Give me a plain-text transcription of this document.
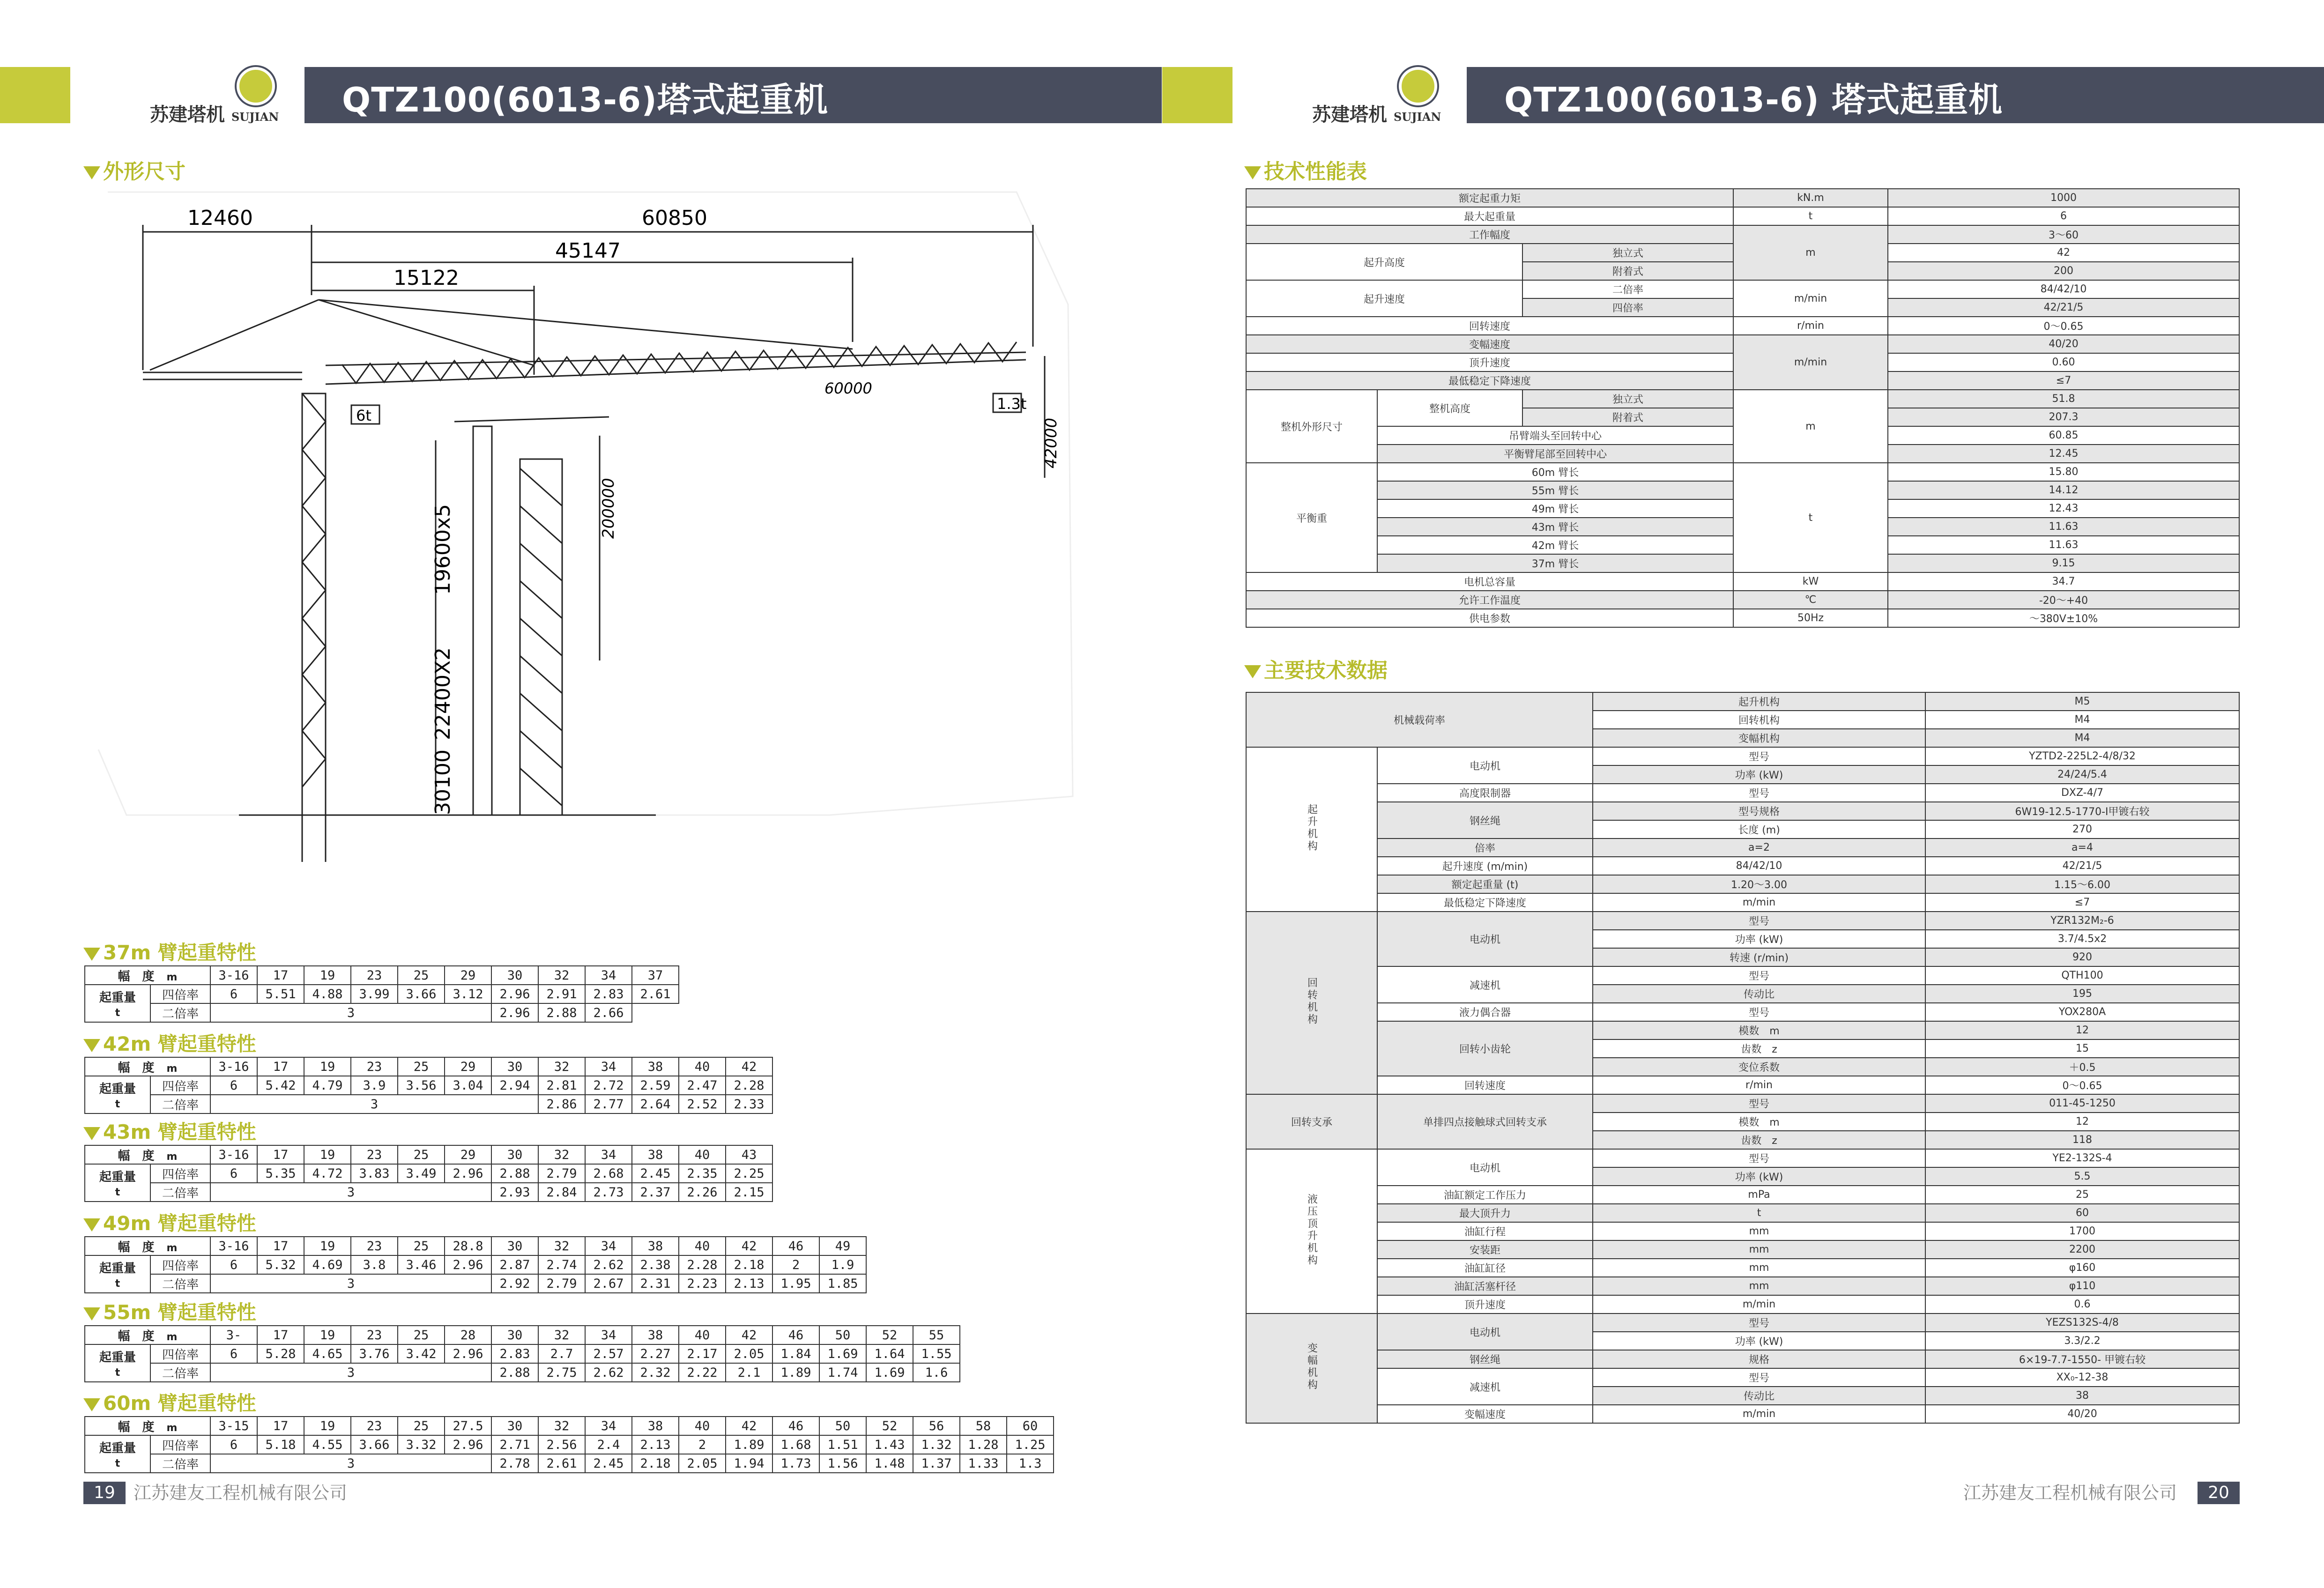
苏建塔机 SUJIAN QTZ100(6013-6)塔式起重机
外形尺寸
12460	60850
45147
15122
60000
6t
1.3t
42000
200000
19600x5
22400X2
30100
37m 臂起重特性
幅　度　 m		3-16	17	19	23	25	29	30	32	34	37
起重量
t	四倍率	6	5.51	4.88	3.99	3.66	3.12	2.96	2.91	2.83	2.61
	二倍率	3						2.96	2.88	2.66	
42m 臂起重特性
幅　度　 m		3-16	17	19	23	25	29	30	32	34	38	40	42
起重量
t	四倍率	6	5.42	4.79	3.9	3.56	3.04	2.94	2.81	2.72	2.59	2.47	2.28
	二倍率	3							2.86	2.77	2.64	2.52	2.33
43m 臂起重特性
幅　度　 m		3-16	17	19	23	25	29	30	32	34	38	40	43
起重量
t	四倍率	6	5.35	4.72	3.83	3.49	2.96	2.88	2.79	2.68	2.45	2.35	2.25
	二倍率	3						2.93	2.84	2.73	2.37	2.26	2.15
49m 臂起重特性
幅　度　 m		3-16	17	19	23	25	28.8	30	32	34	38	40	42	46	49
起重量
t	四倍率	6	5.32	4.69	3.8	3.46	2.96	2.87	2.74	2.62	2.38	2.28	2.18	2	1.9
	二倍率	3						2.92	2.79	2.67	2.31	2.23	2.13	1.95	1.85
55m 臂起重特性
幅　度　 m		3-	17	19	23	25	28	30	32	34	38	40	42	46	50	52	55
起重量
t	四倍率	6	5.28	4.65	3.76	3.42	2.96	2.83	2.7	2.57	2.27	2.17	2.05	1.84	1.69	1.64	1.55
	二倍率	3						2.88	2.75	2.62	2.32	2.22	2.1	1.89	1.74	1.69	1.6
60m 臂起重特性
幅　度　 m		3-15	17	19	23	25	27.5	30	32	34	38	40	42	46	50	52	56	58	60
起重量
t	四倍率	6	5.18	4.55	3.66	3.32	2.96	2.71	2.56	2.4	2.13	2	1.89	1.68	1.51	1.43	1.32	1.28	1.25
	二倍率	3						2.78	2.61	2.45	2.18	2.05	1.94	1.73	1.56	1.48	1.37	1.33	1.3
19	江苏建友工程机械有限公司
苏建塔机 SUJIAN QTZ100(6013-6) 塔式起重机
技术性能表
额定起重力矩			kN.m	1000
最大起重量			t	6
工作幅度			m	3～60
起升高度		独立式		42
		附着式		200
起升速度		二倍率	m/min	84/42/10
		四倍率		42/21/5
回转速度			r/min	0～0.65
变幅速度			m/min	40/20
顶升速度				0.60
最低稳定下降速度				≤7
整机外形尺寸	整机高度	独立式	m	51.8
		附着式		207.3
	吊臂端头至回转中心			60.85
	平衡臂尾部至回转中心			12.45
平衡重	60m 臂长		t	15.80
	55m 臂长			14.12
	49m 臂长			12.43
	43m 臂长			11.63
	42m 臂长			11.63
	37m 臂长			9.15
电机总容量			kW	34.7
允许工作温度			℃	-20～+40
供电参数			50Hz	～380V±10%
主要技术数据
机械载荷率		起升机构	M5
		回转机构	M4
		变幅机构	M4
起升机构	电动机	型号	YZTD2-225L2-4/8/32
		功率 (kW)	24/24/5.4
	高度限制器	型号	DXZ-4/7
	钢丝绳	型号规格	6W19-12.5-1770-Ⅰ甲镀右较
		长度 (m)	270
	倍率	a=2	a=4
	起升速度 (m/min)	84/42/10	42/21/5
	额定起重量 (t)	1.20～3.00	1.15～6.00
	最低稳定下降速度	m/min	≤7
回转机构	电动机	型号	YZR132M₂-6
		功率 (kW)	3.7/4.5x2
		转速 (r/min)	920
	减速机	型号	QTH100
		传动比	195
	液力偶合器	型号	YOX280A
	回转小齿轮	模数　m	12
		齿数　z	15
		变位系数	＋0.5
	回转速度	r/min	0～0.65
回转支承	单排四点接触球式回转支承	型号	011-45-1250
		模数　m	12
		齿数　z	118
液压顶升机构	电动机	型号	YE2-132S-4
		功率 (kW)	5.5
	油缸额定工作压力	mPa	25
	最大顶升力	t	60
	油缸行程	mm	1700
	安装距	mm	2200
	油缸缸径	mm	φ160
	油缸活塞杆径	mm	φ110
	顶升速度	m/min	0.6
变幅机构	电动机	型号	YEZS132S-4/8
		功率 (kW)	3.3/2.2
	钢丝绳	规格	6×19-7.7-1550- 甲镀右较
	减速机	型号	XX₀-12-38
		传动比	38
	变幅速度	m/min	40/20
江苏建友工程机械有限公司	20
